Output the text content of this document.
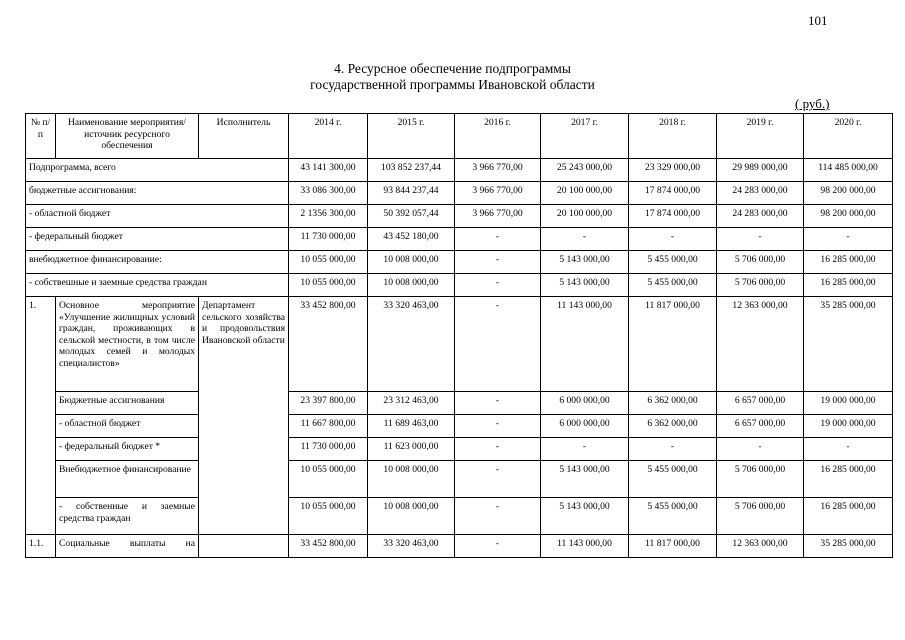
101
4. Ресурсное обеспечение подпрограммы
государственной программы Ивановской области
( руб.)
№ п/п	Наименование мероприятия/источник ресурсного обеспечения	Исполнитель	2014 г.	2015 г.	2016 г.	2017 г.	2018 г.	2019 г.	2020 г.
Подпрограмма, всего			43 141 300,00	103 852 237,44	3 966 770,00	25 243 000,00	23 329 000,00	29 989 000,00	114 485 000,00
бюджетные ассигнования:			33 086 300,00	93 844 237,44	3 966 770,00	20 100 000,00	17 874 000,00	24 283 000,00	98 200 000,00
- областной бюджет			2 1356 300,00	50 392 057,44	3 966 770,00	20 100 000,00	17 874 000,00	24 283 000,00	98 200 000,00
- федеральный бюджет			11 730 000,00	43 452 180,00	-	-	-	-	-
внебюджетное финансирование:			10 055 000,00	10 008 000,00	-	5 143 000,00	5 455 000,00	5 706 000,00	16 285 000,00
- собствешные и заемные средства граждан			10 055 000,00	10 008 000,00	-	5 143 000,00	5 455 000,00	5 706 000,00	16 285 000,00
1.	Основное мероприятие «Улучшение жилищных условий граждан, проживающих в сельской местности, в том числе молодых семей и молодых специалистов»	Департамент сельского хозяйства и продовольствия Ивановской области	33 452 800,00	33 320 463,00	-	11 143 000,00	11 817 000,00	12 363 000,00	35 285 000,00
	Бюджетные ассигнования		23 397 800,00	23 312 463,00	-	6 000 000,00	6 362 000,00	6 657 000,00	19 000 000,00
	- областной бюджет		11 667 800,00	11 689 463,00	-	6 000 000,00	6 362 000,00	6 657 000,00	19 000 000,00
	- федеральный бюджет *		11 730 000,00	11 623 000,00	-	-	-	-	-
	Внебюджетное финансирование		10 055 000,00	10 008 000,00	-	5 143 000,00	5 455 000,00	5 706 000,00	16 285 000,00
	- собственные и заемные средства граждан		10 055 000,00	10 008 000,00	-	5 143 000,00	5 455 000,00	5 706 000,00	16 285 000,00
1.1.	Социальные выплаты на		33 452 800,00	33 320 463,00	-	11 143 000,00	11 817 000,00	12 363 000,00	35 285 000,00
